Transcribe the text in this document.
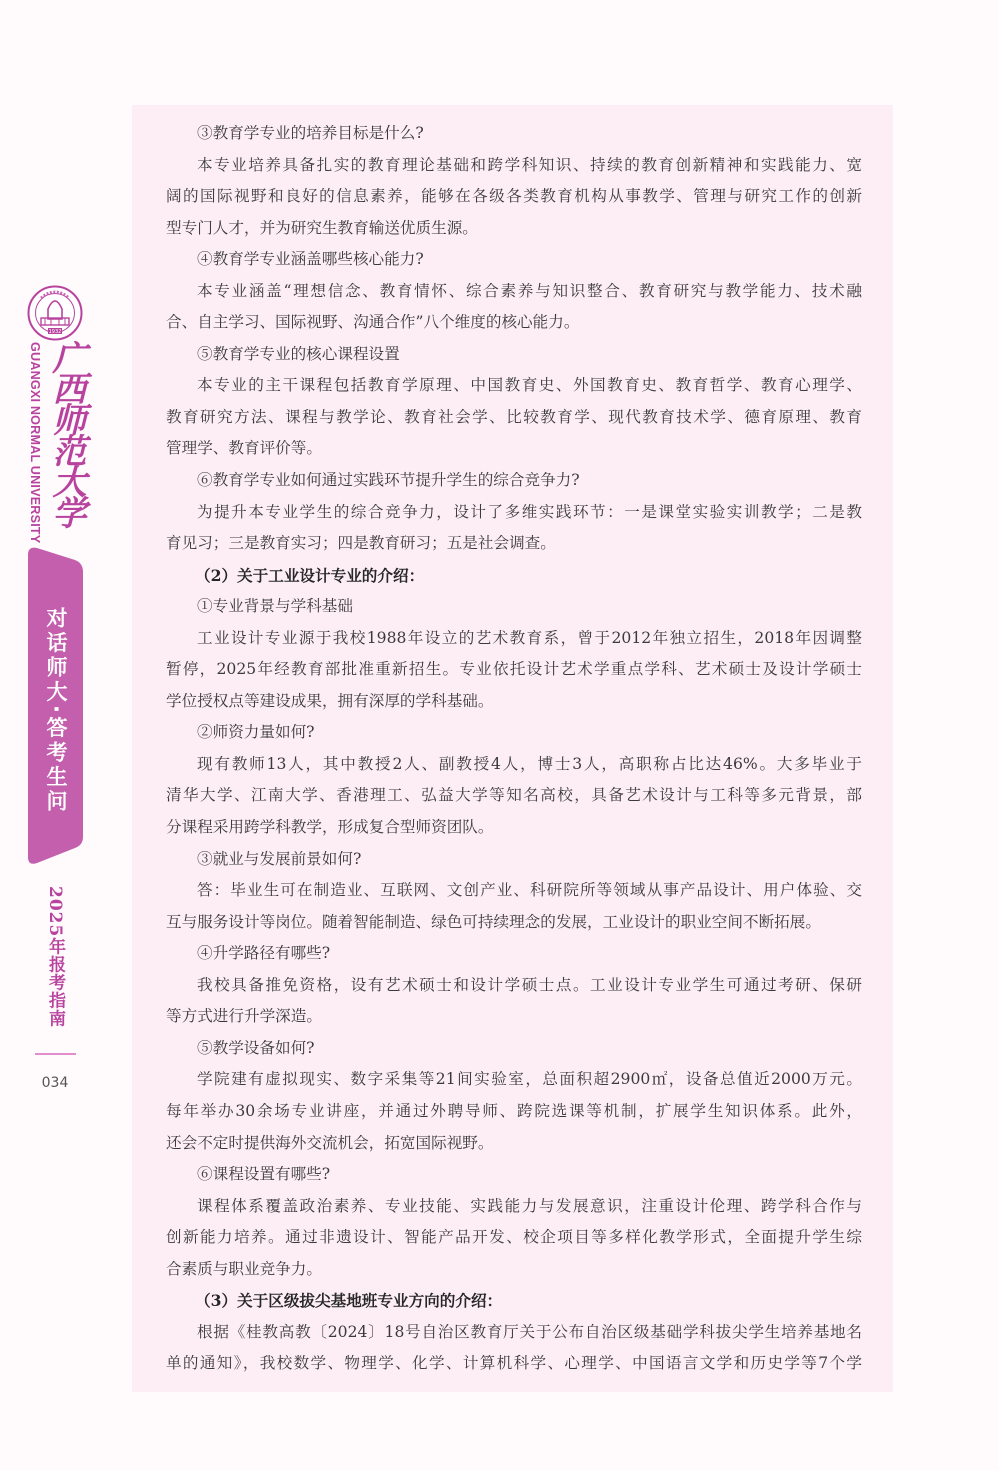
1932
GUANGXI NORMAL UNIVERSITY 广西师范大学
对话师大·答考生问
2025年报考指南
034
③教育学专业的培养目标是什么?
本专业培养具备扎实的教育理论基础和跨学科知识、持续的教育创新精神和实践能力、宽
阔的国际视野和良好的信息素养，能够在各级各类教育机构从事教学、管理与研究工作的创新
型专门人才，并为研究生教育输送优质生源。
④教育学专业涵盖哪些核心能力?
本专业涵盖“理想信念、教育情怀、综合素养与知识整合、教育研究与教学能力、技术融
合、自主学习、国际视野、沟通合作”八个维度的核心能力。
⑤教育学专业的核心课程设置
本专业的主干课程包括教育学原理、中国教育史、外国教育史、教育哲学、教育心理学、
教育研究方法、课程与教学论、教育社会学、比较教育学、现代教育技术学、德育原理、教育
管理学、教育评价等。
⑥教育学专业如何通过实践环节提升学生的综合竞争力?
为提升本专业学生的综合竞争力，设计了多维实践环节：一是课堂实验实训教学；二是教
育见习；三是教育实习；四是教育研习；五是社会调查。
（2）关于工业设计专业的介绍：
①专业背景与学科基础
工业设计专业源于我校1988年设立的艺术教育系，曾于2012年独立招生，2018年因调整
暂停，2025年经教育部批准重新招生。专业依托设计艺术学重点学科、艺术硕士及设计学硕士
学位授权点等建设成果，拥有深厚的学科基础。
②师资力量如何?
现有教师13人，其中教授2人、副教授4人，博士3人，高职称占比达46%。大多毕业于
清华大学、江南大学、香港理工、弘益大学等知名高校，具备艺术设计与工科等多元背景，部
分课程采用跨学科教学，形成复合型师资团队。
③就业与发展前景如何?
答：毕业生可在制造业、互联网、文创产业、科研院所等领域从事产品设计、用户体验、交
互与服务设计等岗位。随着智能制造、绿色可持续理念的发展，工业设计的职业空间不断拓展。
④升学路径有哪些?
我校具备推免资格，设有艺术硕士和设计学硕士点。工业设计专业学生可通过考研、保研
等方式进行升学深造。
⑤教学设备如何?
学院建有虚拟现实、数字采集等21间实验室，总面积超2900㎡，设备总值近2000万元。
每年举办30余场专业讲座，并通过外聘导师、跨院选课等机制，扩展学生知识体系。此外，
还会不定时提供海外交流机会，拓宽国际视野。
⑥课程设置有哪些?
课程体系覆盖政治素养、专业技能、实践能力与发展意识，注重设计伦理、跨学科合作与
创新能力培养。通过非遗设计、智能产品开发、校企项目等多样化教学形式，全面提升学生综
合素质与职业竞争力。
（3）关于区级拔尖基地班专业方向的介绍：
根据《桂教高教〔2024〕18号自治区教育厅关于公布自治区级基础学科拔尖学生培养基地名
单的通知》，我校数学、物理学、化学、计算机科学、心理学、中国语言文学和历史学等7个学
